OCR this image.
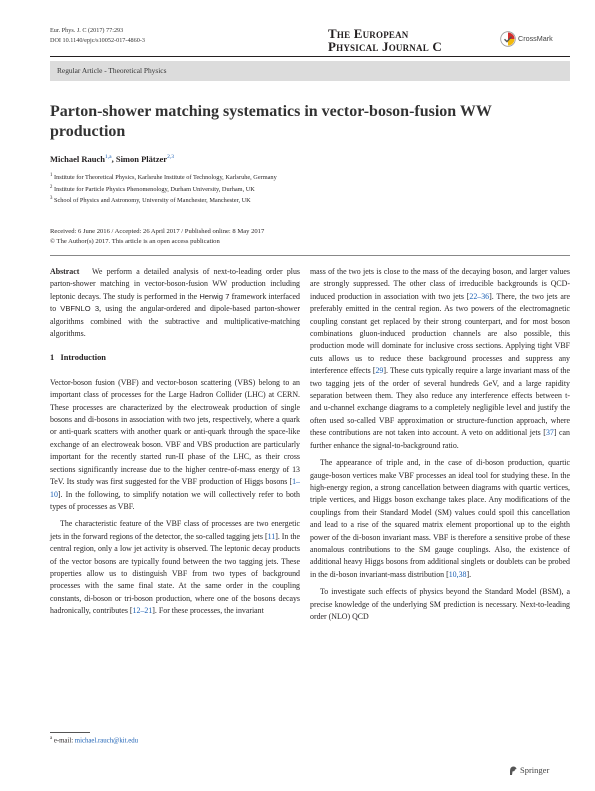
Eur. Phys. J. C (2017) 77:293
DOI 10.1140/epjc/s10052-017-4860-3	The European
Physical Journal C
CrossMark
Regular Article - Theoretical Physics
Parton-shower matching systematics in vector-boson-fusion WW production
Michael Rauch$^{1,a}$, Simon Plätzer$^{2,3}$
$^1$ Institute for Theoretical Physics, Karlsruhe Institute of Technology, Karlsruhe, Germany
$^2$ Institute for Particle Physics Phenomenology, Durham University, Durham, UK
$^3$ School of Physics and Astronomy, University of Manchester, Manchester, UK
Received: 6 June 2016 / Accepted: 26 April 2017 / Published online: 8 May 2017
© The Author(s) 2017. This article is an open access publication

Abstract We perform a detailed analysis of next-to-leading order plus parton-shower matching in vector-boson-fusion WW production including leptonic decays. The study is performed in the Herwig 7 framework interfaced to VBFNLO 3, using the angular-ordered and dipole-based parton-shower algorithms combined with the subtractive and multiplicative-matching algorithms.

1 Introduction

Vector-boson fusion (VBF) and vector-boson scattering (VBS) belong to an important class of processes for the Large Hadron Collider (LHC) at CERN. These processes are characterized by the electroweak production of single bosons and di-bosons in association with two jets, respectively, where a quark or anti-quark scatters with another quark or anti-quark through the space-like exchange of an electroweak boson. VBF and VBS production are particularly important for the recently started run-II phase of the LHC, as their cross sections significantly increase due to the higher centre-of-mass energy of 13 TeV. Its study was first suggested for the VBF production of Higgs bosons [1–10]. In the following, to simplify notation we will collectively refer to both types of processes as VBF.

The characteristic feature of the VBF class of processes are two energetic jets in the forward regions of the detector, the so-called tagging jets [11]. In the central region, only a low jet activity is observed. The leptonic decay products of the vector bosons are typically found between the two tagging jets. These properties allow us to distinguish VBF from two types of background processes with the same final state. At the same order in the coupling constants, di-boson or tri-boson production, where one of the bosons decays hadronically, contributes [12–21]. For these processes, the invariant

$^a$ e-mail: michael.rauch@kit.edu

mass of the two jets is close to the mass of the decaying boson, and larger values are strongly suppressed. The other class of irreducible backgrounds is QCD-induced production in association with two jets [22–36]. There, the two jets are preferably emitted in the central region. As two powers of the electromagnetic coupling constant get replaced by their strong counterpart, and for most boson combinations gluon-induced production channels are also possible, this production mode will dominate for inclusive cross sections. Applying tight VBF cuts allows us to reduce these background processes and suppress any interference effects [29]. These cuts typically require a large invariant mass of the two tagging jets of the order of several hundreds GeV, and a large rapidity separation between them. They also reduce any interference effects between t- and u-channel exchange diagrams to a completely negligible level and justify the often used so-called VBF approximation or structure-function approach, where these contributions are not taken into account. A veto on additional jets [37] can further enhance the signal-to-background ratio.

The appearance of triple and, in the case of di-boson production, quartic gauge-boson vertices make VBF processes an ideal tool for studying these. In the high-energy region, a strong cancellation between diagrams with quartic vertices, triple vertices, and Higgs boson exchange takes place. Any modifications of the couplings from their Standard Model (SM) values could spoil this cancellation and lead to a rise of the squared matrix element proportional up to the eighth power of the di-boson invariant mass. VBF is therefore a sensitive probe of these anomalous contributions to the SM gauge couplings. Also, the existence of additional heavy Higgs bosons from additional singlets or doublets can be probed in the di-boson invariant-mass distribution [10,38].

To investigate such effects of physics beyond the Standard Model (BSM), a precise knowledge of the underlying SM prediction is necessary. Next-to-leading order (NLO) QCD

Springer
